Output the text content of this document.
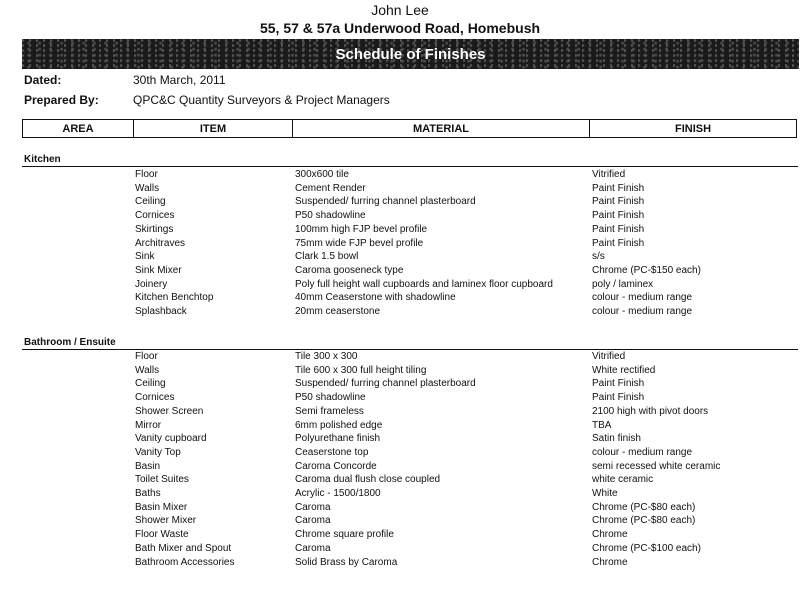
John Lee
55, 57 & 57a Underwood Road, Homebush
Schedule of Finishes
Dated:	30th March, 2011
Prepared By:	QPC&C Quantity Surveyors & Project Managers
AREA	ITEM	MATERIAL	FINISH
Kitchen
Floor	300x600 tile	Vitrified
Walls	Cement Render	Paint Finish
Ceiling	Suspended/ furring channel plasterboard	Paint Finish
Cornices	P50 shadowline	Paint Finish
Skirtings	100mm high FJP bevel profile	Paint Finish
Architraves	75mm wide FJP bevel profile	Paint Finish
Sink	Clark 1.5 bowl	s/s
Sink Mixer	Caroma gooseneck type	Chrome (PC-$150 each)
Joinery	Poly full height wall cupboards and laminex floor cupboard	poly / laminex
Kitchen Benchtop	40mm Ceaserstone with shadowline	colour - medium range
Splashback	20mm ceaserstone	colour - medium range
Bathroom / Ensuite
Floor	Tile 300 x 300	Vitrified
Walls	Tile 600 x 300 full height tiling	White rectified
Ceiling	Suspended/ furring channel plasterboard	Paint Finish
Cornices	P50 shadowline	Paint Finish
Shower Screen	Semi frameless	2100 high with pivot doors
Mirror	6mm polished edge	TBA
Vanity cupboard	Polyurethane finish	Satin finish
Vanity Top	Ceaserstone top	colour - medium range
Basin	Caroma Concorde	semi recessed white ceramic
Toilet Suites	Caroma dual flush close coupled	white ceramic
Baths	Acrylic - 1500/1800	White
Basin Mixer	Caroma	Chrome (PC-$80 each)
Shower Mixer	Caroma	Chrome (PC-$80 each)
Floor Waste	Chrome square profile	Chrome
Bath Mixer and Spout	Caroma	Chrome (PC-$100 each)
Bathroom Accessories	Solid Brass by Caroma	Chrome
